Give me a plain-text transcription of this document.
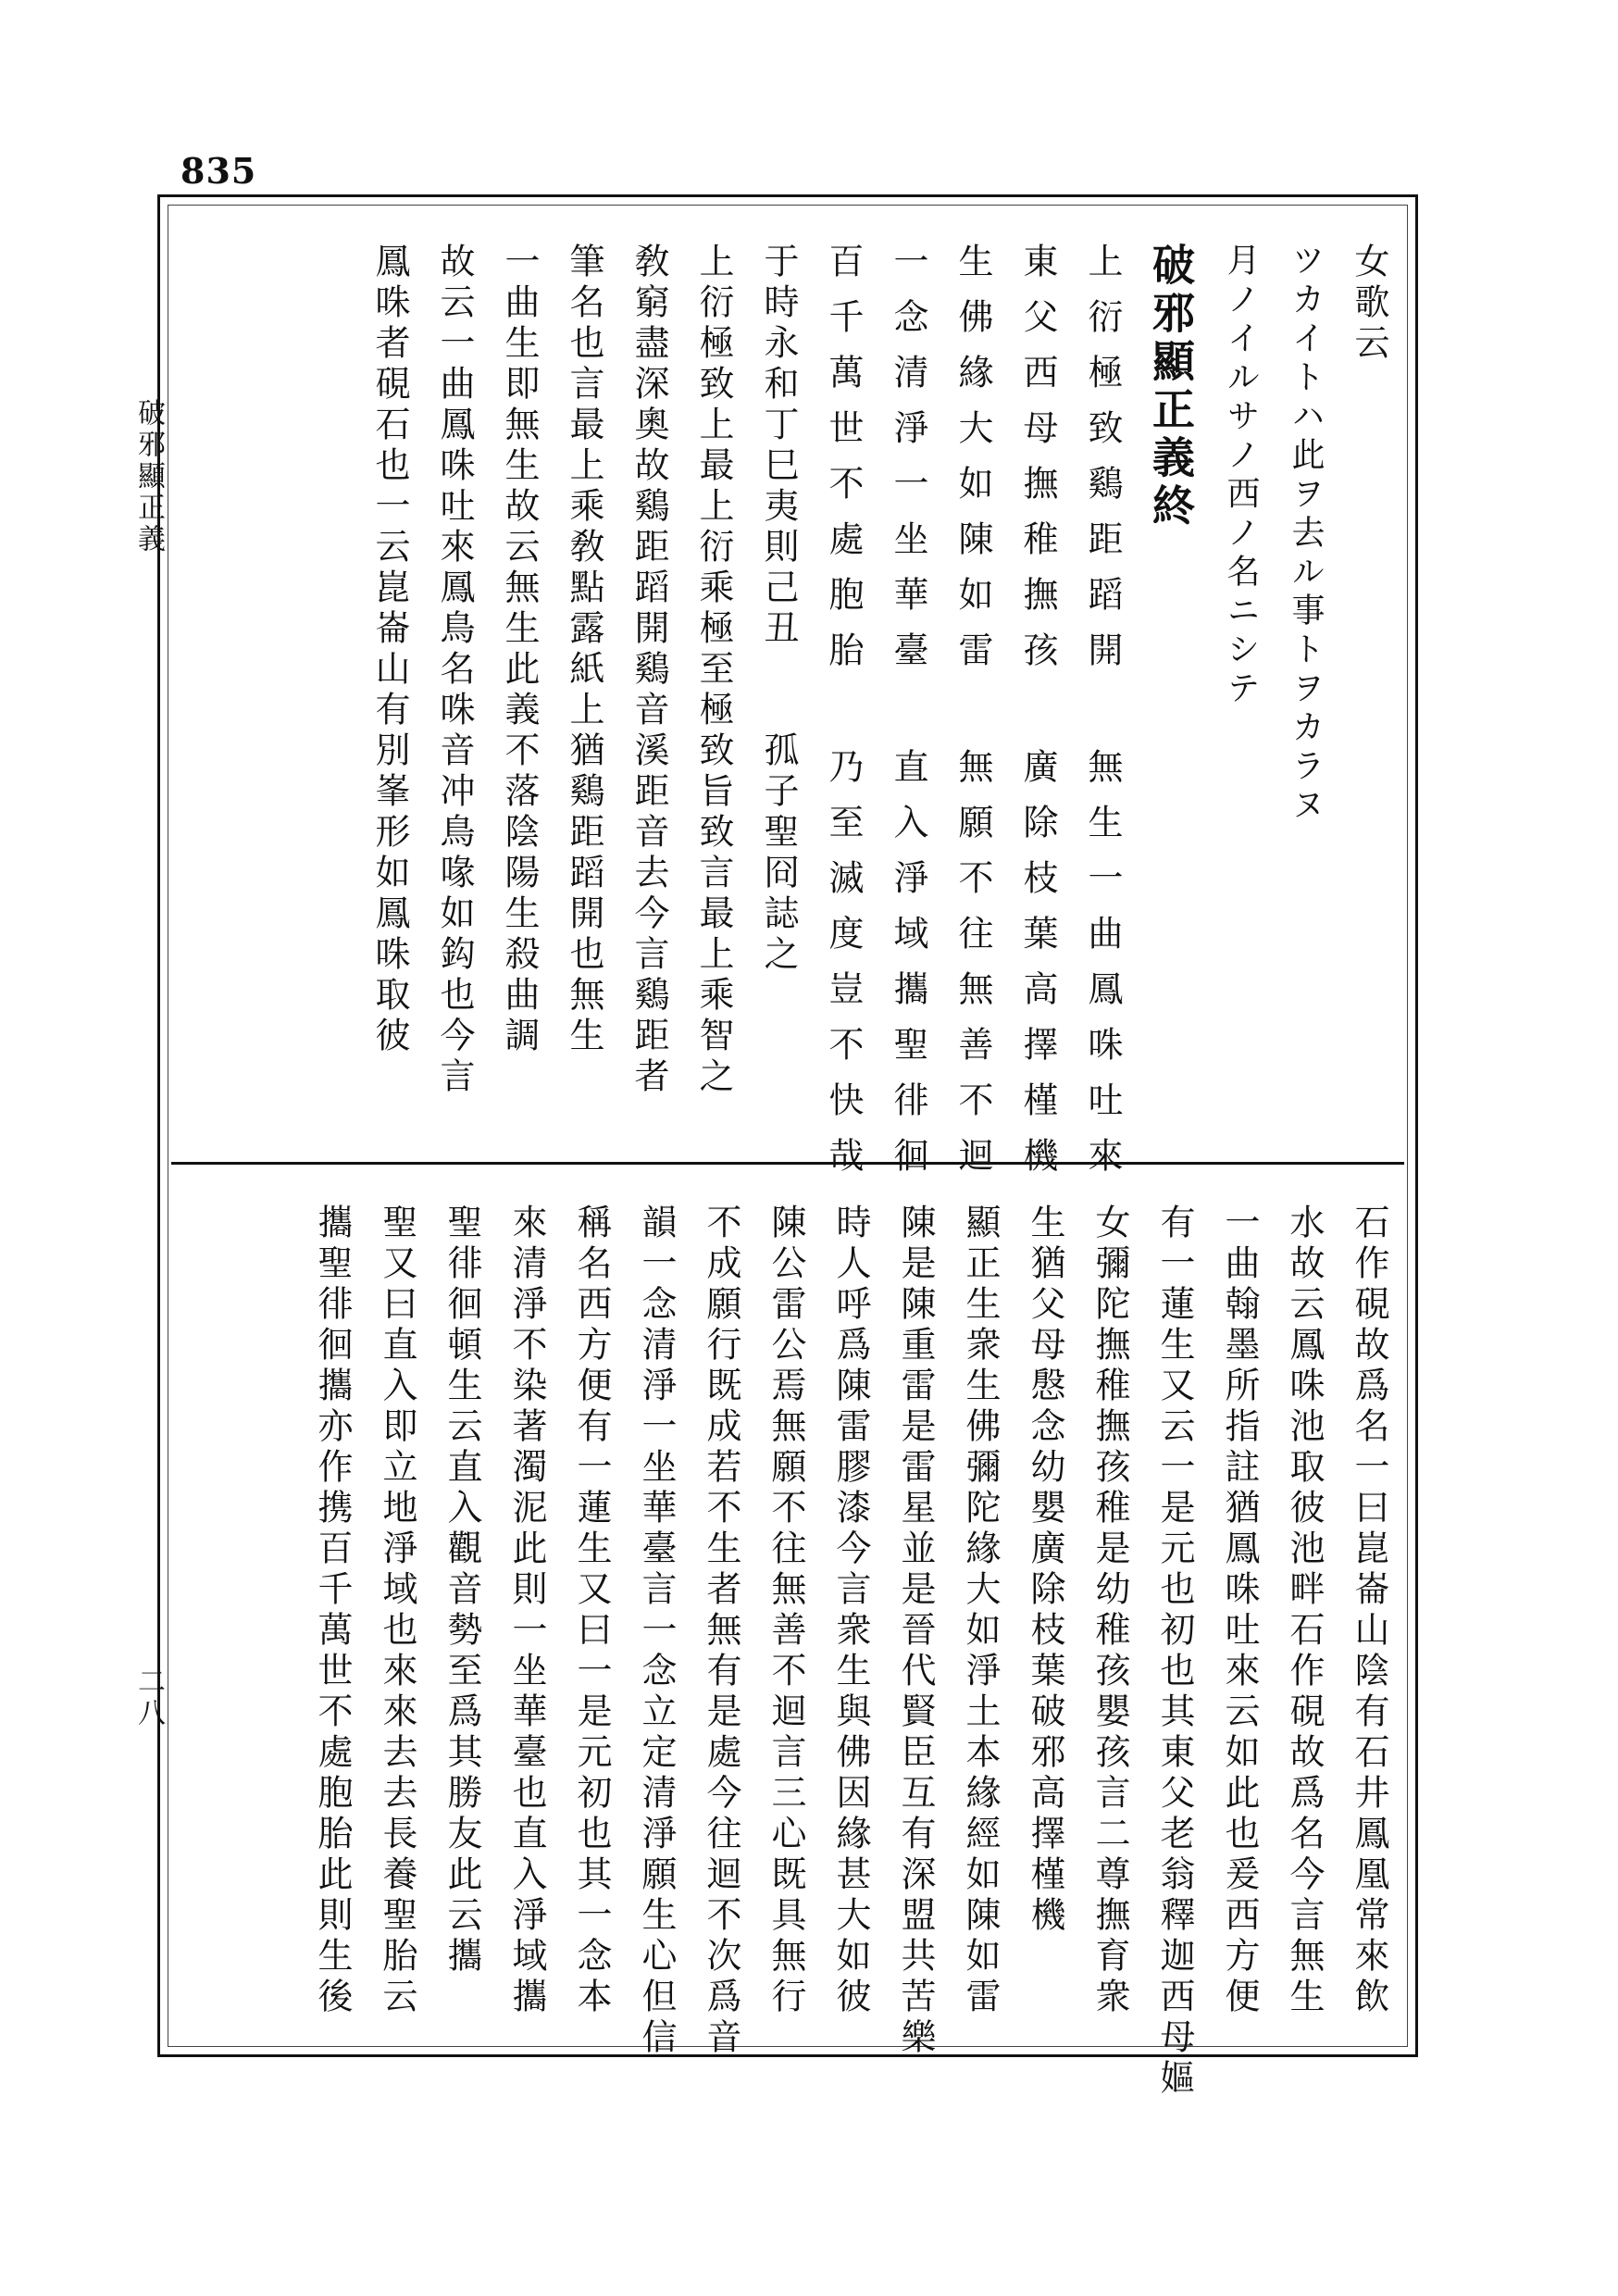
835
破邪顯正義
二八
女歌云
ツカイトハ此ヲ去ル事トヲカラヌ
月ノイルサノ西ノ名ニシテ
破邪顯正義終
上衍極致鷄距蹈開 無生一曲鳳咮吐來
東父西母撫稚撫孩 廣除枝葉高擇槿機
生佛緣大如陳如雷 無願不往無善不迴
一念清淨一坐華臺 直入淨域攜聖徘徊
百千萬世不處胞胎 乃至滅度豈不快哉
于時永和丁巳夷則己丑　　孤子聖冏誌之
上衍極致上最上衍乘極至極致旨致言最上乘智之
敎窮盡深奧故鷄距蹈開鷄音溪距音去今言鷄距者
筆名也言最上乘敎點露紙上猶鷄距蹈開也無生
一曲生即無生故云無生此義不落陰陽生殺曲調
故云一曲鳳咮吐來鳳鳥名咮音冲鳥喙如鈎也今言
鳳咮者硯石也一云崑崙山有別峯形如鳳咮取彼
石作硯故爲名一曰崑崙山陰有石井鳳凰常來飲
水故云鳳咮池取彼池畔石作硯故爲名今言無生
一曲翰墨所指註猶鳳咮吐來云如此也爰西方便
有一蓮生又云一是元也初也其東父老翁釋迦西母嫗
女彌陀撫稚撫孩稚是幼稚孩嬰孩言二尊撫育衆
生猶父母慇念幼嬰廣除枝葉破邪高擇槿機
顯正生衆生佛彌陀緣大如淨土本緣經如陳如雷
陳是陳重雷是雷星並是晉代賢臣互有深盟共苦樂
時人呼爲陳雷膠漆今言衆生與佛因緣甚大如彼
陳公雷公焉無願不往無善不迴言三心既具無行
不成願行既成若不生者無有是處今往迴不次爲音
韻一念清淨一坐華臺言一念立定清淨願生心但信
稱名西方便有一蓮生又曰一是元初也其一念本
來清淨不染著濁泥此則一坐華臺也直入淨域攜
聖徘徊頓生云直入觀音勢至爲其勝友此云攜
聖又曰直入即立地淨域也來來去去長養聖胎云
攜聖徘徊攜亦作携百千萬世不處胞胎此則生後
